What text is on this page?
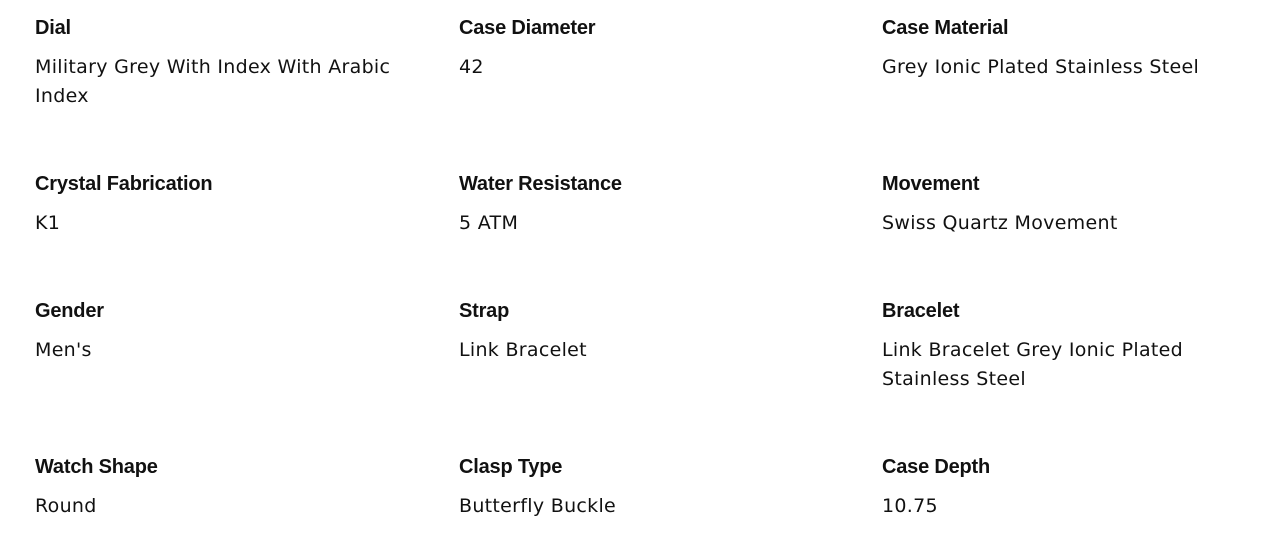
Dial
Military Grey With Index With Arabic Index
Case Diameter
42
Case Material
Grey Ionic Plated Stainless Steel
Crystal Fabrication
K1
Water Resistance
5 ATM
Movement
Swiss Quartz Movement
Gender
Men's
Strap
Link Bracelet
Bracelet
Link Bracelet Grey Ionic Plated Stainless Steel
Watch Shape
Round
Clasp Type
Butterfly Buckle
Case Depth
10.75
